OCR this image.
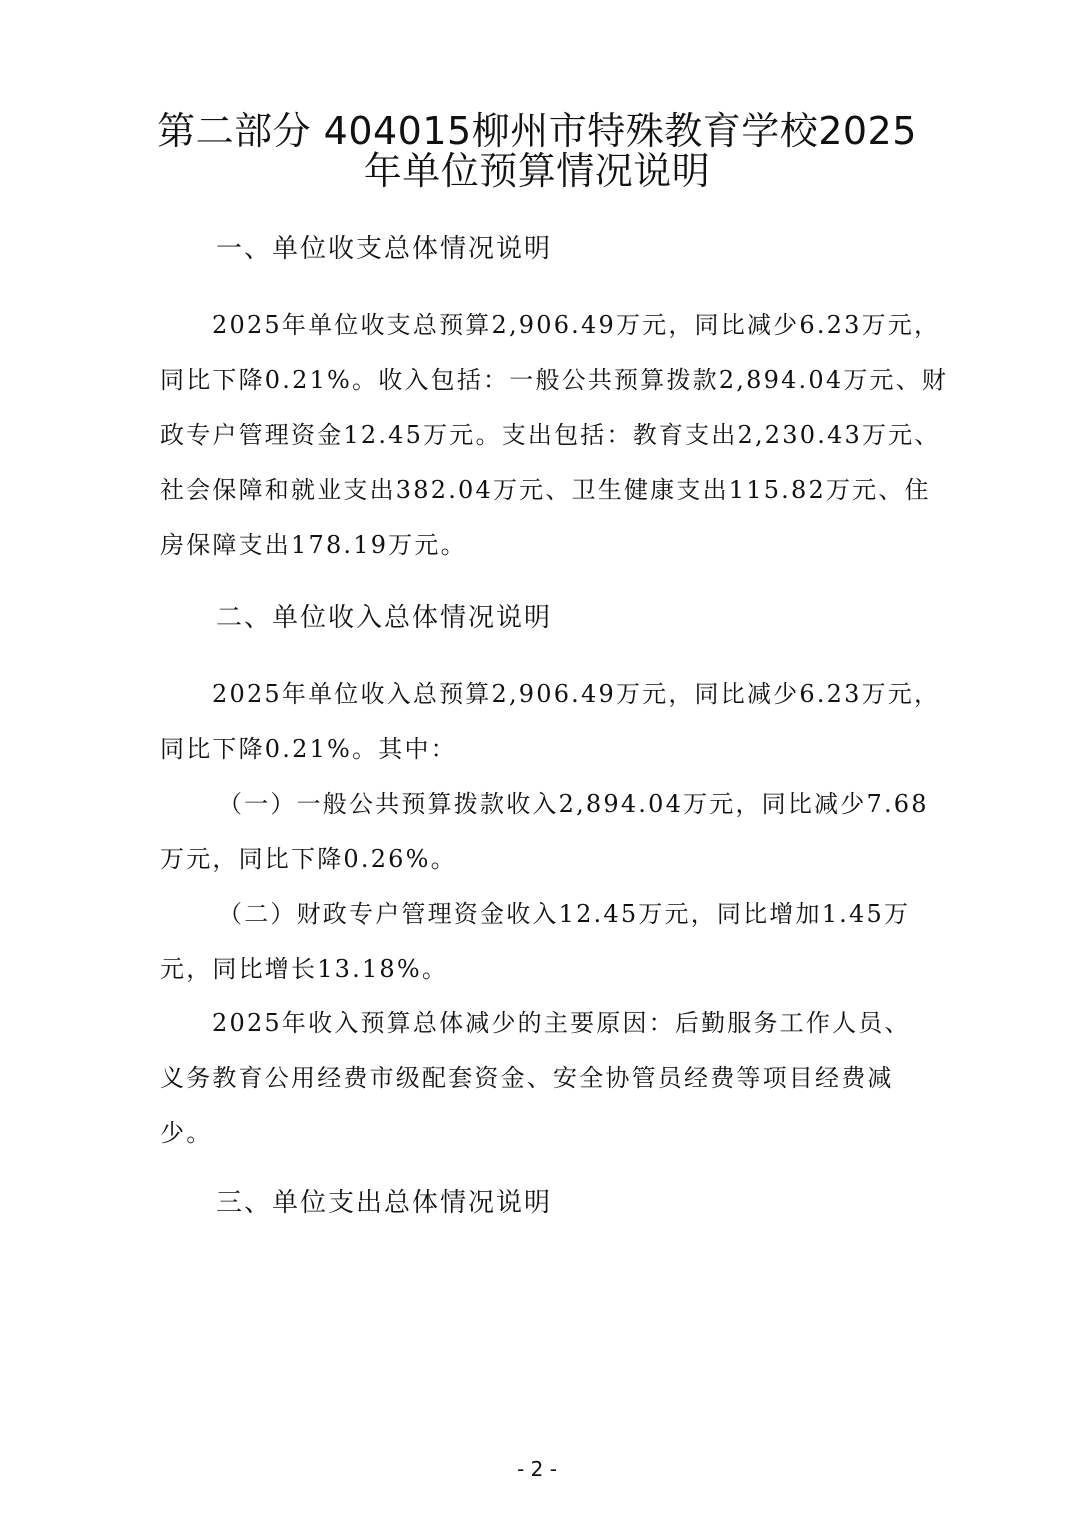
第二部分 404015柳州市特殊教育学校2025
年单位预算情况说明
一、单位收支总体情况说明

2025年单位收支总预算2,906.49万元，同比减少6.23万元，

同比下降0.21%。收入包括：一般公共预算拨款2,894.04万元、财

政专户管理资金12.45万元。支出包括：教育支出2,230.43万元、

社会保障和就业支出382.04万元、卫生健康支出115.82万元、住

房保障支出178.19万元。

二、单位收入总体情况说明

2025年单位收入总预算2,906.49万元，同比减少6.23万元，

同比下降0.21%。其中：

（一）一般公共预算拨款收入2,894.04万元，同比减少7.68

万元，同比下降0.26%。

（二）财政专户管理资金收入12.45万元，同比增加1.45万

元，同比增长13.18%。

2025年收入预算总体减少的主要原因：后勤服务工作人员、

义务教育公用经费市级配套资金、安全协管员经费等项目经费减

少。

三、单位支出总体情况说明
- 2 -
